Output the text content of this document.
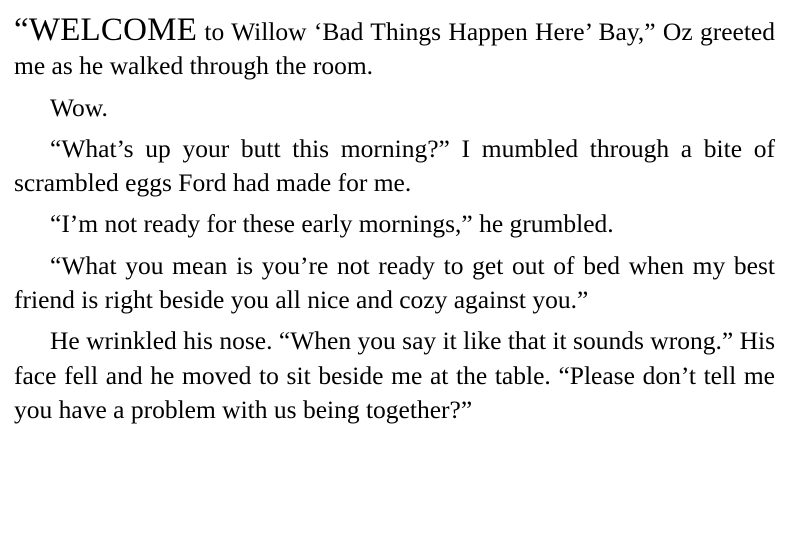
“WELCOME to Willow ‘Bad Things Happen Here’ Bay,” Oz greeted me as he walked through the room.

Wow.

“What’s up your butt this morning?” I mumbled through a bite of scrambled eggs Ford had made for me.

“I’m not ready for these early mornings,” he grumbled.

“What you mean is you’re not ready to get out of bed when my best friend is right beside you all nice and cozy against you.”

He wrinkled his nose. “When you say it like that it sounds wrong.” His face fell and he moved to sit beside me at the table. “Please don’t tell me you have a problem with us being together?”
